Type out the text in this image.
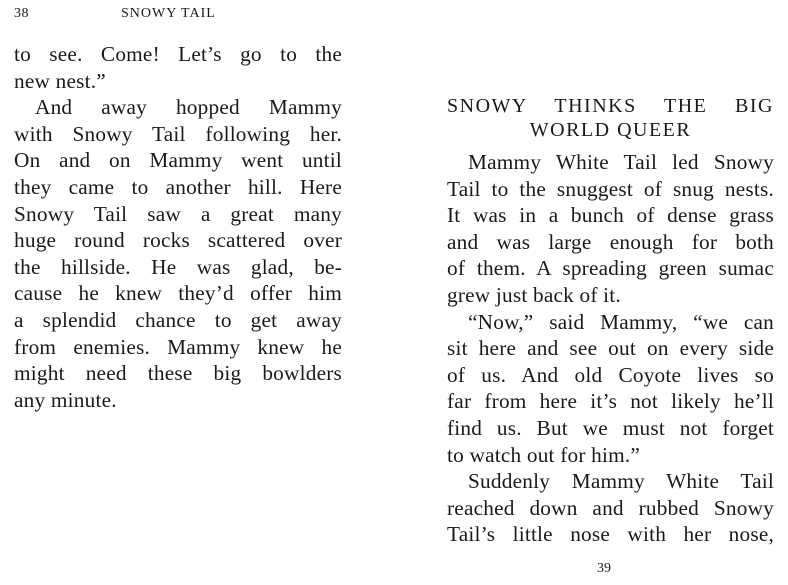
38	SNOWY TAIL
to see. Come! Let’s go to the
new nest.”
And away hopped Mammy
with Snowy Tail following her.
On and on Mammy went until
they came to another hill. Here
Snowy Tail saw a great many
huge round rocks scattered over
the hillside. He was glad, be-
cause he knew they’d offer him
a splendid chance to get away
from enemies. Mammy knew he
might need these big bowlders
any minute.
SNOWY THINKS THE BIG
WORLD QUEER
Mammy White Tail led Snowy
Tail to the snuggest of snug nests.
It was in a bunch of dense grass
and was large enough for both
of them. A spreading green sumac
grew just back of it.
“Now,” said Mammy, “we can
sit here and see out on every side
of us. And old Coyote lives so
far from here it’s not likely he’ll
find us. But we must not forget
to watch out for him.”
Suddenly Mammy White Tail
reached down and rubbed Snowy
Tail’s little nose with her nose,
39
